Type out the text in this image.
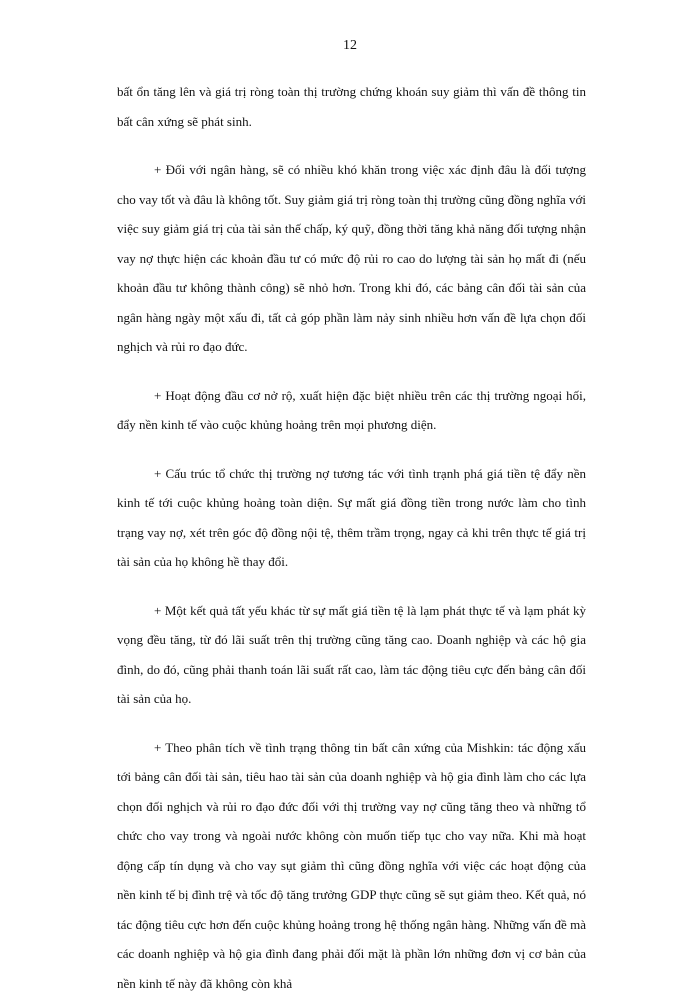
12

bất ổn tăng lên và giá trị ròng toàn thị trường chứng khoán suy giảm thì vấn đề thông tin bất cân xứng sẽ phát sinh.

+ Đối với ngân hàng, sẽ có nhiều khó khăn trong việc xác định đâu là đối tượng cho vay tốt và đâu là không tốt. Suy giảm giá trị ròng toàn thị trường cũng đồng nghĩa với việc suy giảm giá trị của tài sản thế chấp, ký quỹ, đồng thời tăng khả năng đối tượng nhận vay nợ thực hiện các khoản đầu tư có mức độ rủi ro cao do lượng tài sản họ mất đi (nếu khoản đầu tư không thành công) sẽ nhỏ hơn. Trong khi đó, các bảng cân đối tài sản của ngân hàng ngày một xấu đi, tất cả góp phần làm nảy sinh nhiều hơn vấn đề lựa chọn đối nghịch và rủi ro đạo đức.

+ Hoạt động đầu cơ nở rộ, xuất hiện đặc biệt nhiều trên các thị trường ngoại hối, đẩy nền kinh tế vào cuộc khủng hoảng trên mọi phương diện.

+ Cấu trúc tổ chức thị trường nợ tương tác với tình trạnh phá giá tiền tệ đẩy nền kinh tế tới cuộc khủng hoảng toàn diện. Sự mất giá đồng tiền trong nước làm cho tình trạng vay nợ, xét trên góc độ đồng nội tệ, thêm trầm trọng, ngay cả khi trên thực tế giá trị tài sản của họ không hề thay đổi.

+ Một kết quả tất yếu khác từ sự mất giá tiền tệ là lạm phát thực tế và lạm phát kỳ vọng đều tăng, từ đó lãi suất trên thị trường cũng tăng cao. Doanh nghiệp và các hộ gia đình, do đó, cũng phải thanh toán lãi suất rất cao, làm tác động tiêu cực đến bảng cân đối tài sản của họ.

+ Theo phân tích về tình trạng thông tin bất cân xứng của Mishkin: tác động xấu tới bảng cân đối tài sản, tiêu hao tài sản của doanh nghiệp và hộ gia đình làm cho các lựa chọn đối nghịch và rủi ro đạo đức đối với thị trường vay nợ cũng tăng theo và những tổ chức cho vay trong và ngoài nước không còn muốn tiếp tục cho vay nữa. Khi mà hoạt động cấp tín dụng và cho vay sụt giảm thì cũng đồng nghĩa với việc các hoạt động của nền kinh tế bị đình trệ và tốc độ tăng trưởng GDP thực cũng sẽ sụt giảm theo. Kết quả, nó tác động tiêu cực hơn đến cuộc khủng hoảng trong hệ thống ngân hàng. Những vấn đề mà các doanh nghiệp và hộ gia đình đang phải đối mặt là phần lớn những đơn vị cơ bản của nền kinh tế này đã không còn khả
